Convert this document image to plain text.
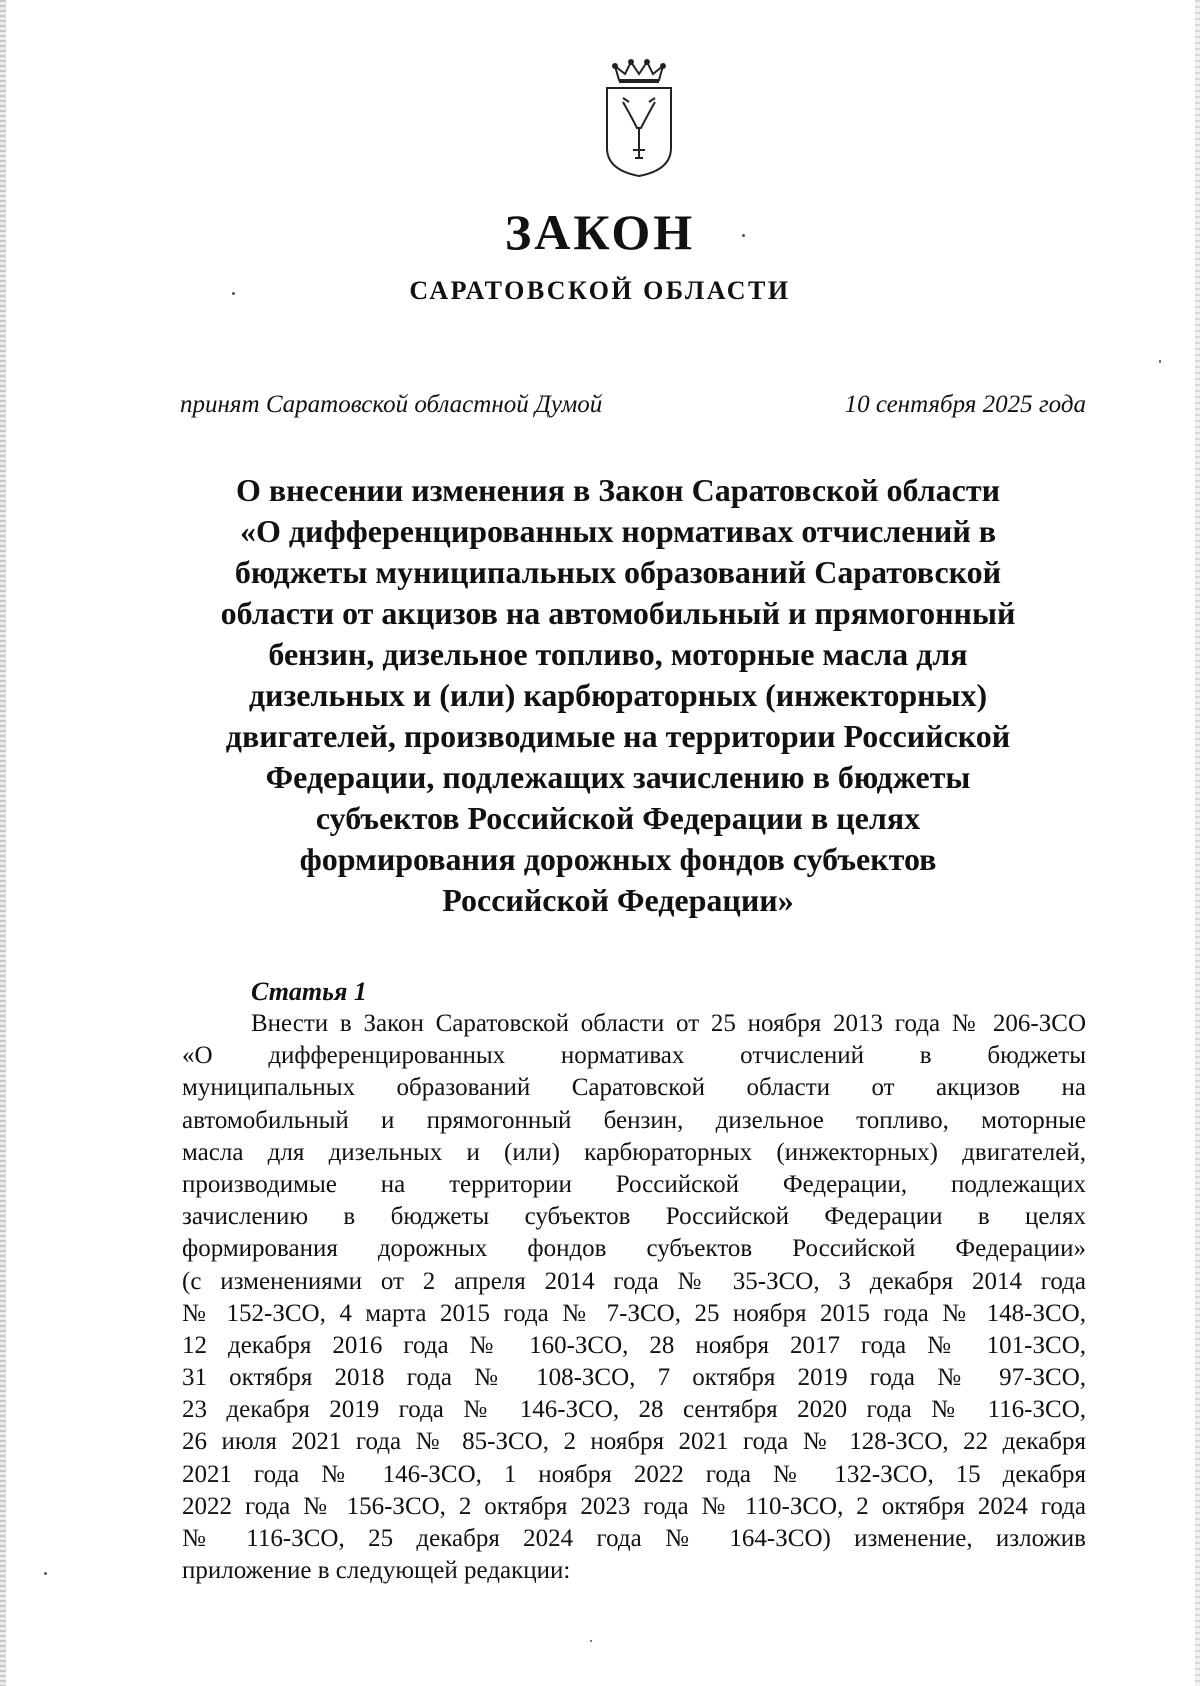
ЗАКОН
САРАТОВСКОЙ ОБЛАСТИ
принят Саратовской областной Думой	10 сентября 2025 года
О внесении изменения в Закон Саратовской области
«О дифференцированных нормативах отчислений в
бюджеты муниципальных образований Саратовской
области от акцизов на автомобильный и прямогонный
бензин, дизельное топливо, моторные масла для
дизельных и (или) карбюраторных (инжекторных)
двигателей, производимые на территории Российской
Федерации, подлежащих зачислению в бюджеты
субъектов Российской Федерации в целях
формирования дорожных фондов субъектов
Российской Федерации»
Статья 1
Внести в Закон Саратовской области от 25 ноября 2013 года № 206-ЗСО
«О дифференцированных нормативах отчислений в бюджеты
муниципальных образований Саратовской области от акцизов на
автомобильный и прямогонный бензин, дизельное топливо, моторные
масла для дизельных и (или) карбюраторных (инжекторных) двигателей,
производимые на территории Российской Федерации, подлежащих
зачислению в бюджеты субъектов Российской Федерации в целях
формирования дорожных фондов субъектов Российской Федерации»
(с изменениями от 2 апреля 2014 года № 35-ЗСО, 3 декабря 2014 года
№ 152-ЗСО, 4 марта 2015 года № 7-ЗСО, 25 ноября 2015 года № 148-ЗСО,
12 декабря 2016 года № 160-ЗСО, 28 ноября 2017 года № 101-ЗСО,
31 октября 2018 года № 108-ЗСО, 7 октября 2019 года № 97-ЗСО,
23 декабря 2019 года № 146-ЗСО, 28 сентября 2020 года № 116-ЗСО,
26 июля 2021 года № 85-ЗСО, 2 ноября 2021 года № 128-ЗСО, 22 декабря
2021 года № 146-ЗСО, 1 ноября 2022 года № 132-ЗСО, 15 декабря
2022 года № 156-ЗСО, 2 октября 2023 года № 110-ЗСО, 2 октября 2024 года
№ 116-ЗСО, 25 декабря 2024 года № 164-ЗСО) изменение, изложив
приложение в следующей редакции:
